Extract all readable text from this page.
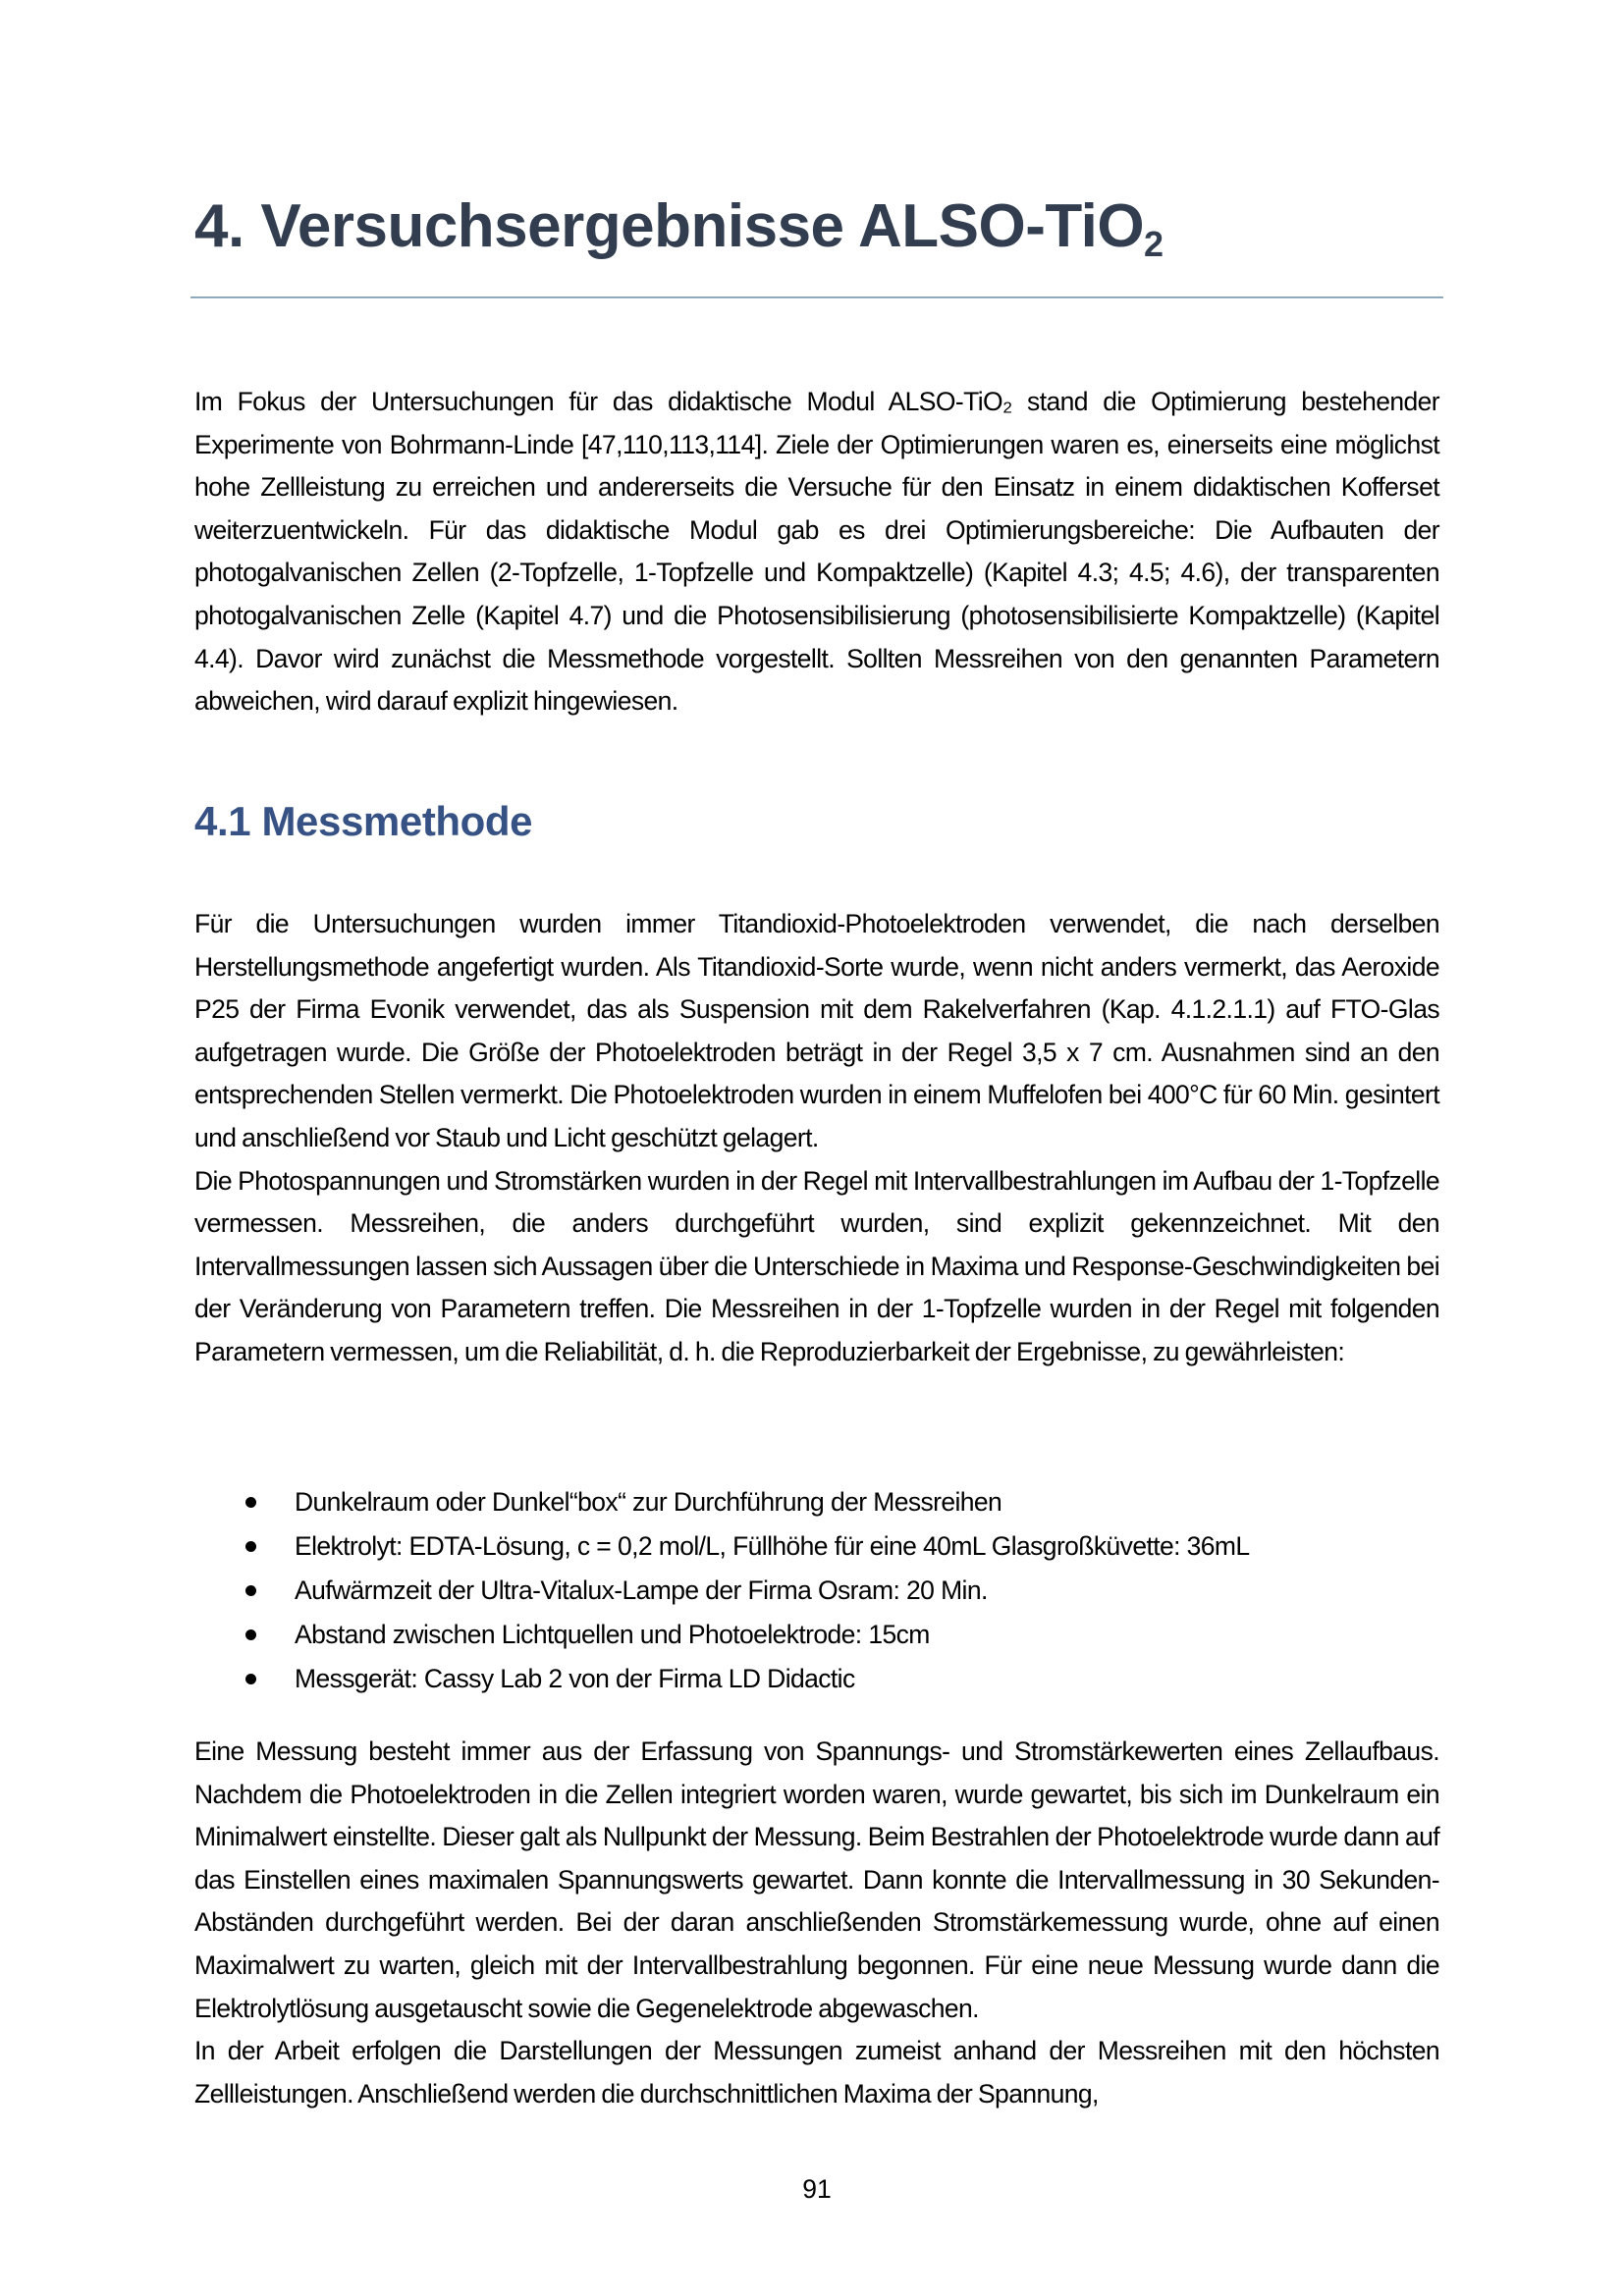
4. Versuchsergebnisse ALSO-TiO$_2$

Im Fokus der Untersuchungen für das didaktische Modul ALSO-TiO₂ stand die Optimierung bestehender Experimente von Bohrmann-Linde [47,110,113,114]. Ziele der Optimierungen waren es, einerseits eine möglichst hohe Zellleistung zu erreichen und andererseits die Versuche für den Einsatz in einem didaktischen Kofferset weiterzuentwickeln. Für das didaktische Modul gab es drei Optimierungsbereiche: Die Aufbauten der photogalvanischen Zellen (2-Topfzelle, 1-Topfzelle und Kompaktzelle) (Kapitel 4.3; 4.5; 4.6), der transparenten photogalvanischen Zelle (Kapitel 4.7) und die Photosensibilisierung (photosensibilisierte Kompaktzelle) (Kapitel 4.4). Davor wird zunächst die Messmethode vorgestellt. Sollten Messreihen von den genannten Parametern abweichen, wird darauf explizit hingewiesen.

4.1 Messmethode

Für die Untersuchungen wurden immer Titandioxid-Photoelektroden verwendet, die nach derselben Herstellungsmethode angefertigt wurden. Als Titandioxid-Sorte wurde, wenn nicht anders vermerkt, das Aeroxide P25 der Firma Evonik verwendet, das als Suspension mit dem Rakelverfahren (Kap. 4.1.2.1.1) auf FTO-Glas aufgetragen wurde. Die Größe der Photoelektroden beträgt in der Regel 3,5 x 7 cm. Ausnahmen sind an den entsprechenden Stellen vermerkt. Die Photoelektroden wurden in einem Muffelofen bei 400°C für 60 Min. gesintert und anschließend vor Staub und Licht geschützt gelagert.

Die Photospannungen und Stromstärken wurden in der Regel mit Intervallbestrahlungen im Aufbau der 1-Topfzelle vermessen. Messreihen, die anders durchgeführt wurden, sind explizit gekennzeichnet. Mit den Intervallmessungen lassen sich Aussagen über die Unterschiede in Maxima und Response-Geschwindigkeiten bei der Veränderung von Parametern treffen. Die Messreihen in der 1-Topfzelle wurden in der Regel mit folgenden Parametern vermessen, um die Reliabilität, d. h. die Reproduzierbarkeit der Ergebnisse, zu gewährleisten:

Dunkelraum oder Dunkel“box“ zur Durchführung der Messreihen
Elektrolyt: EDTA-Lösung, c = 0,2 mol/L, Füllhöhe für eine 40mL Glasgroßküvette: 36mL
Aufwärmzeit der Ultra-Vitalux-Lampe der Firma Osram: 20 Min.
Abstand zwischen Lichtquellen und Photoelektrode: 15cm
Messgerät: Cassy Lab 2 von der Firma LD Didactic

Eine Messung besteht immer aus der Erfassung von Spannungs- und Stromstärkewerten eines Zellaufbaus. Nachdem die Photoelektroden in die Zellen integriert worden waren, wurde gewartet, bis sich im Dunkelraum ein Minimalwert einstellte. Dieser galt als Nullpunkt der Messung. Beim Bestrahlen der Photoelektrode wurde dann auf das Einstellen eines maximalen Spannungswerts gewartet. Dann konnte die Intervallmessung in 30 Sekunden-Abständen durchgeführt werden. Bei der daran anschließenden Stromstärkemessung wurde, ohne auf einen Maximalwert zu warten, gleich mit der Intervallbestrahlung begonnen. Für eine neue Messung wurde dann die Elektrolytlösung ausgetauscht sowie die Gegenelektrode abgewaschen.

In der Arbeit erfolgen die Darstellungen der Messungen zumeist anhand der Messreihen mit den höchsten Zellleistungen. Anschließend werden die durchschnittlichen Maxima der Spannung,

91
